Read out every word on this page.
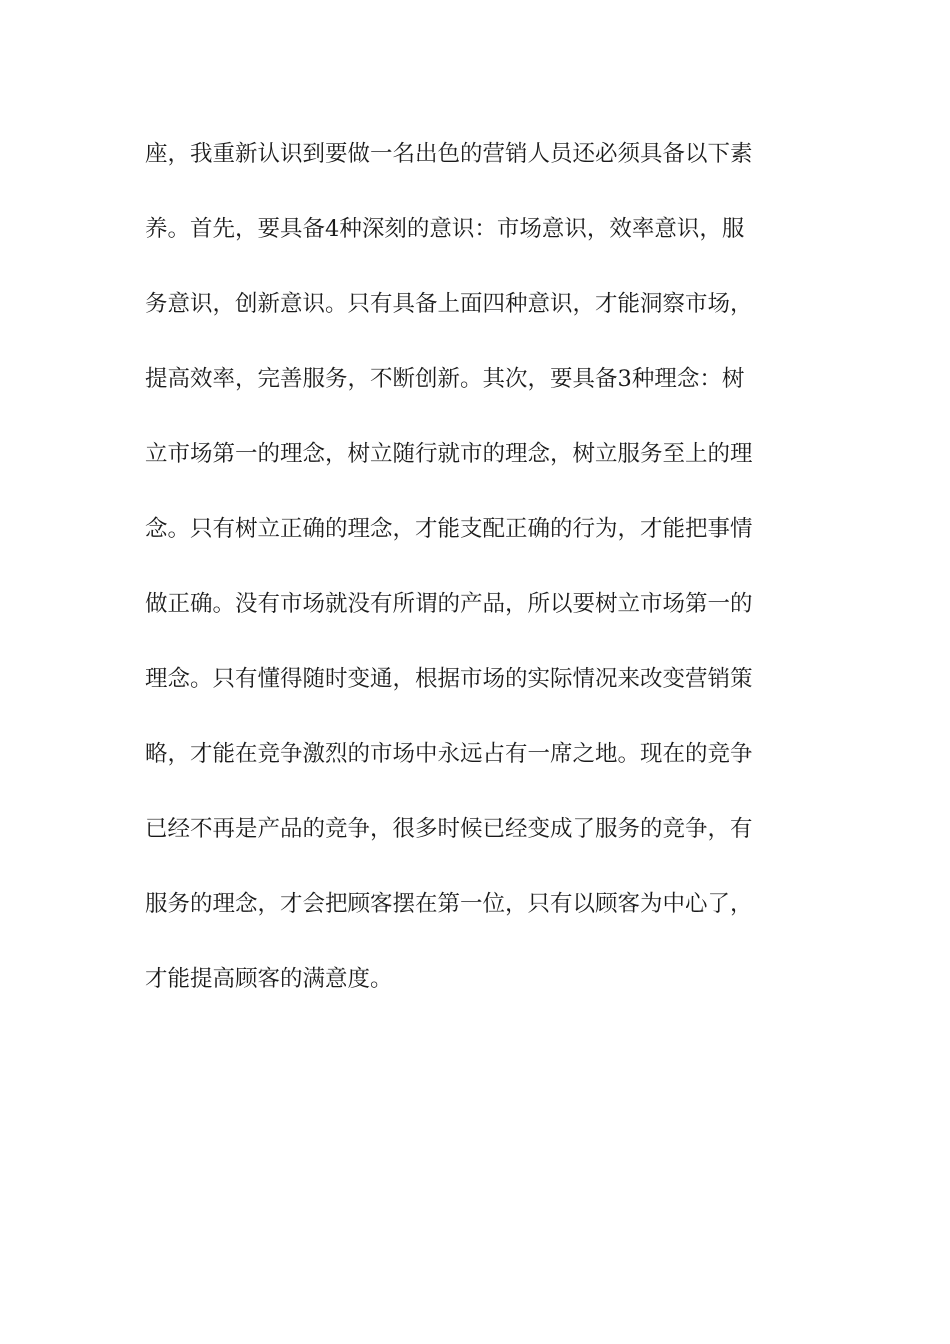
座，我重新认识到要做一名出色的营销人员还必须具备以下素
养。首先，要具备4种深刻的意识：市场意识，效率意识，服
务意识，创新意识。只有具备上面四种意识，才能洞察市场，
提高效率，完善服务，不断创新。其次，要具备3种理念：树
立市场第一的理念，树立随行就市的理念，树立服务至上的理
念。只有树立正确的理念，才能支配正确的行为，才能把事情
做正确。没有市场就没有所谓的产品，所以要树立市场第一的
理念。只有懂得随时变通，根据市场的实际情况来改变营销策
略，才能在竞争激烈的市场中永远占有一席之地。现在的竞争
已经不再是产品的竞争，很多时候已经变成了服务的竞争，有
服务的理念，才会把顾客摆在第一位，只有以顾客为中心了，
才能提高顾客的满意度。
